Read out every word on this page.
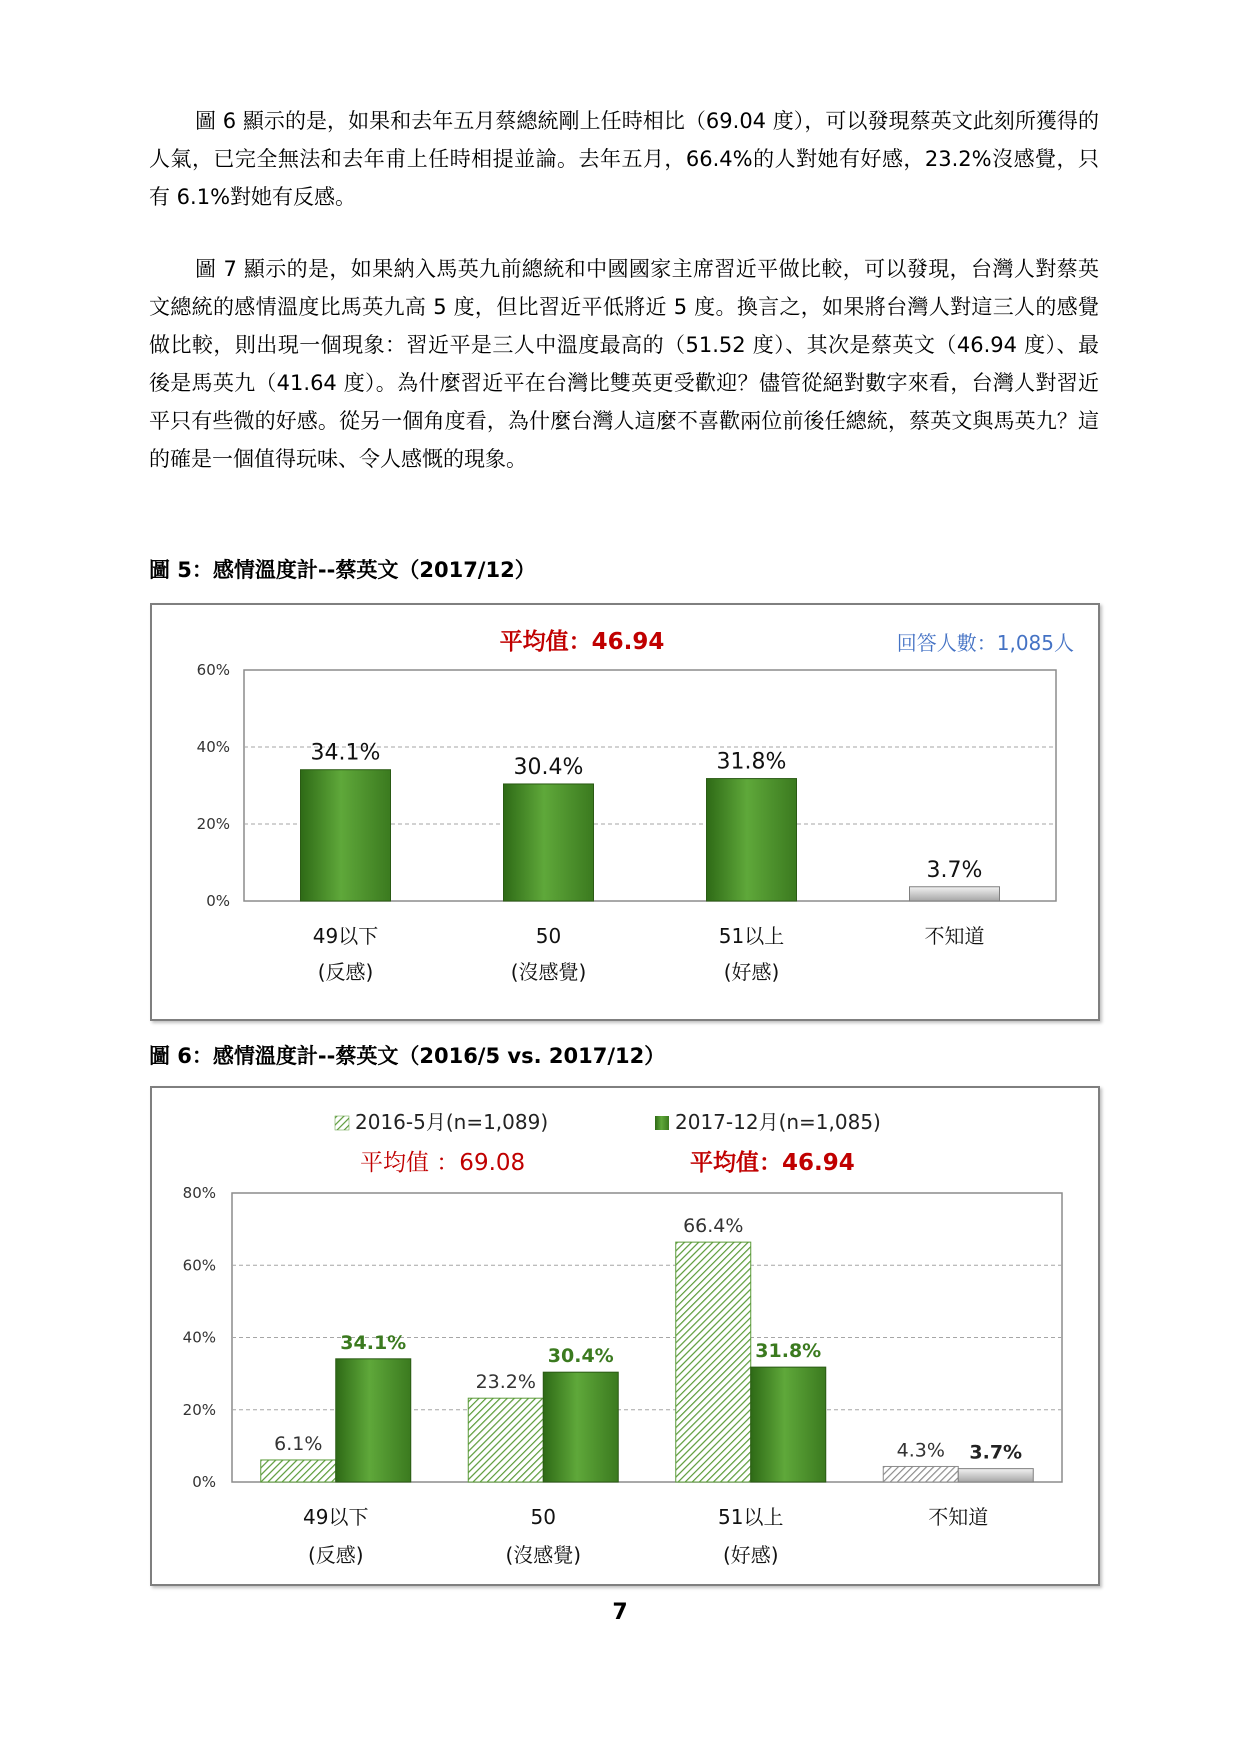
圖 6 顯示的是，如果和去年五月蔡總統剛上任時相比（69.04 度），可以發現蔡英文此刻所獲得的人氣，已完全無法和去年甫上任時相提並論。去年五月，66.4%的人對她有好感，23.2%沒感覺，只有 6.1%對她有反感。

圖 7 顯示的是，如果納入馬英九前總統和中國國家主席習近平做比較，可以發現，台灣人對蔡英文總統的感情溫度比馬英九高 5 度，但比習近平低將近 5 度。換言之，如果將台灣人對這三人的感覺做比較，則出現一個現象：習近平是三人中溫度最高的（51.52 度）、其次是蔡英文（46.94 度）、最後是馬英九（41.64 度）。為什麼習近平在台灣比雙英更受歡迎？儘管從絕對數字來看，台灣人對習近平只有些微的好感。從另一個角度看，為什麼台灣人這麼不喜歡兩位前後任總統，蔡英文與馬英九？這的確是一個值得玩味、令人感慨的現象。

圖 5：感情溫度計--蔡英文（2017/12）

平均值：46.94	回答人數：1,085人
0%
20%
40%
60%
34.1%
49以下
(反感)
30.4%
50
(沒感覺)
31.8%
51以上
(好感)
3.7%
不知道

圖 6：感情溫度計--蔡英文（2016/5 vs. 2017/12）

2016-5月(n=1,089)	2017-12月(n=1,085)
平均值 ：69.08	平均值：46.94
0%
20%
40%
60%
80%
6.1%
34.1%
49以下
(反感)
23.2%
30.4%
50
(沒感覺)
66.4%
31.8%
51以上
(好感)
4.3% 3.7%
不知道
7
